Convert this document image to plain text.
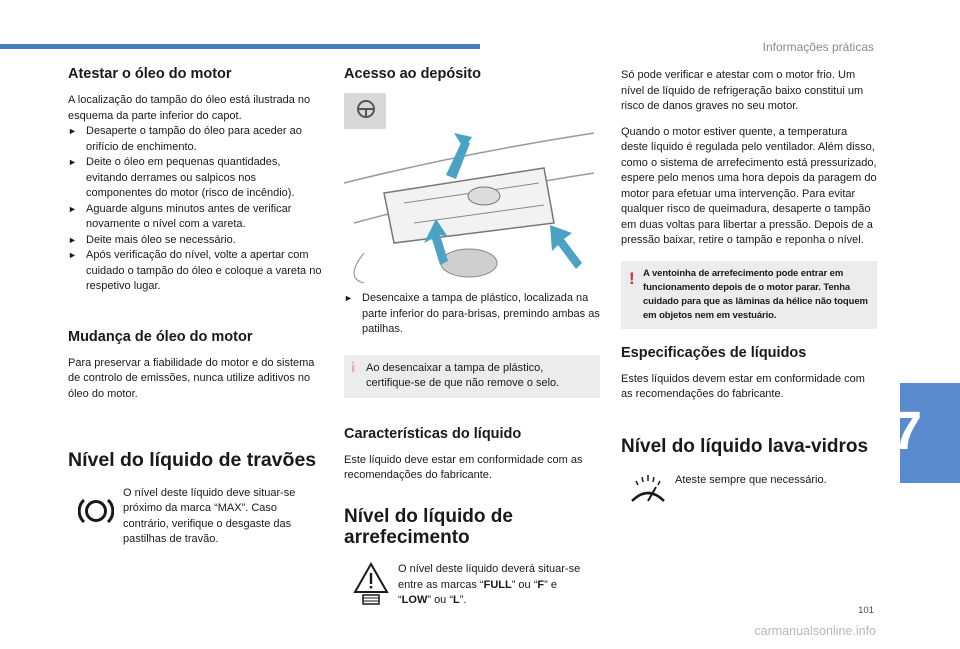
Informações práticas
Atestar o óleo do motor

A localização do tampão do óleo está ilustrada no esquema da parte inferior do capot.

► Desaperte o tampão do óleo para aceder ao orifício de enchimento.
► Deite o óleo em pequenas quantidades, evitando derrames ou salpicos nos componentes do motor (risco de incêndio).
► Aguarde alguns minutos antes de verificar novamente o nível com a vareta.
► Deite mais óleo se necessário.
► Após verificação do nível, volte a apertar com cuidado o tampão do óleo e coloque a vareta no respetivo lugar.
Mudança de óleo do motor

Para preservar a fiabilidade do motor e do sistema de controlo de emissões, nunca utilize aditivos no óleo do motor.

Nível do líquido de travões

O nível deste líquido deve situar-se próximo da marca “MAX”. Caso contrário, verifique o desgaste das pastilhas de travão.

Acesso ao depósito
► Desencaixe a tampa de plástico, localizada na parte inferior do para-brisas, premindo ambas as patilhas.
i Ao desencaixar a tampa de plástico, certifique-se de que não remove o selo.

Características do líquido

Este líquido deve estar em conformidade com as recomendações do fabricante.

Nível do líquido de arrefecimento

O nível deste líquido deverá situar-se entre as marcas “FULL” ou “F” e “LOW” ou “L”.

Só pode verificar e atestar com o motor frio. Um nível de líquido de refrigeração baixo constitui um risco de danos graves no seu motor.

Quando o motor estiver quente, a temperatura deste líquido é regulada pelo ventilador. Além disso, como o sistema de arrefecimento está pressurizado, espere pelo menos uma hora depois da paragem do motor para efetuar uma intervenção. Para evitar qualquer risco de queimadura, desaperte o tampão em duas voltas para libertar a pressão. Depois de a pressão baixar, retire o tampão e reponha o nível.

! A ventoinha de arrefecimento pode entrar em funcionamento depois de o motor parar. Tenha cuidado para que as lâminas da hélice não toquem em objetos nem em vestuário.

Especificações de líquidos

Estes líquidos devem estar em conformidade com as recomendações do fabricante.

Nível do líquido lava-vidros

Ateste sempre que necessário.

7
101
carmanualsonline.info
